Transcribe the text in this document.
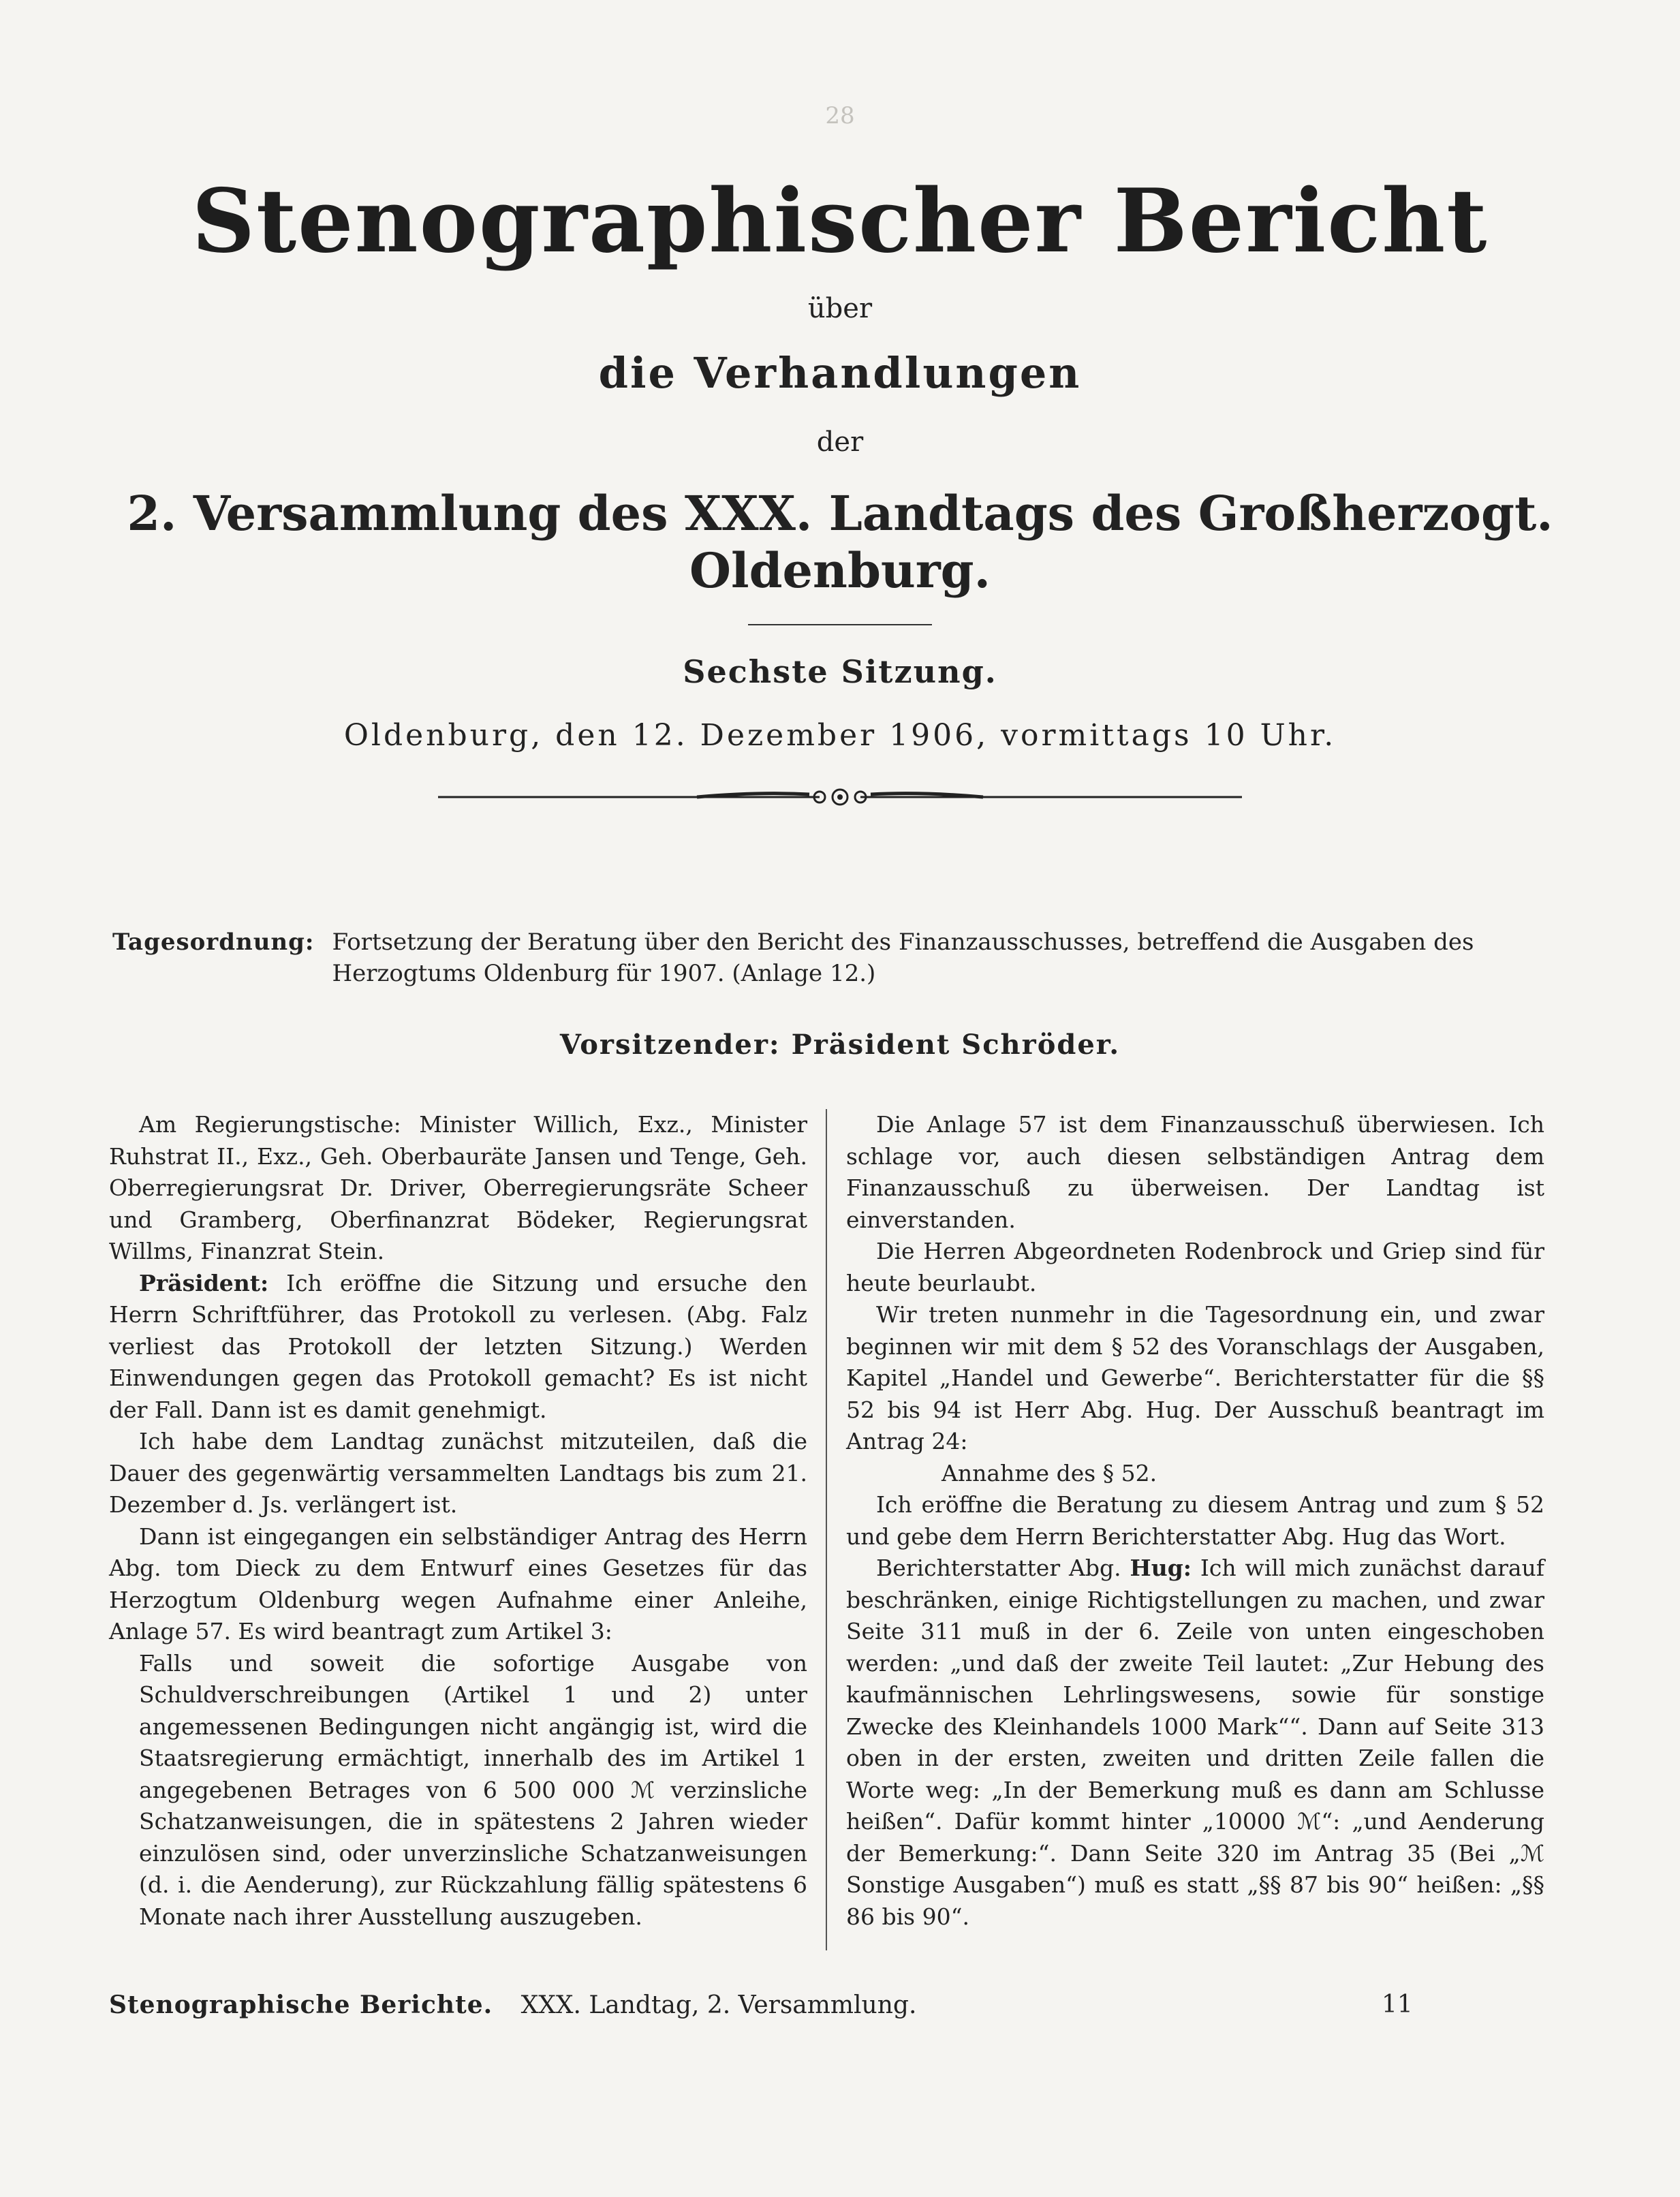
28
Stenographischer Bericht
über
die Verhandlungen
der
2. Versammlung des XXX. Landtags des Großherzogt. Oldenburg.
Sechste Sitzung.
Oldenburg, den 12. Dezember 1906, vormittags 10 Uhr.
Tagesordnung: Fortsetzung der Beratung über den Bericht des Finanzausschusses, betreffend die Ausgaben des Herzogtums Oldenburg für 1907. (Anlage 12.)
Vorsitzender: Präsident Schröder.

Am Regierungstische: Minister Willich, Exz., Minister Ruhstrat II., Exz., Geh. Oberbauräte Jansen und Tenge, Geh. Oberregierungsrat Dr. Driver, Oberregierungsräte Scheer und Gramberg, Oberfinanzrat Bödeker, Regierungsrat Willms, Finanzrat Stein.

Präsident: Ich eröffne die Sitzung und ersuche den Herrn Schriftführer, das Protokoll zu verlesen. (Abg. Falz verliest das Protokoll der letzten Sitzung.) Werden Einwendungen gegen das Protokoll gemacht? Es ist nicht der Fall. Dann ist es damit genehmigt.

Ich habe dem Landtag zunächst mitzuteilen, daß die Dauer des gegenwärtig versammelten Landtags bis zum 21. Dezember d. Js. verlängert ist.

Dann ist eingegangen ein selbständiger Antrag des Herrn Abg. tom Dieck zu dem Entwurf eines Gesetzes für das Herzogtum Oldenburg wegen Aufnahme einer Anleihe, Anlage 57. Es wird beantragt zum Artikel 3:

Falls und soweit die sofortige Ausgabe von Schuldverschreibungen (Artikel 1 und 2) unter angemessenen Bedingungen nicht angängig ist, wird die Staatsregierung ermächtigt, innerhalb des im Artikel 1 angegebenen Betrages von 6 500 000 ℳ verzinsliche Schatzanweisungen, die in spätestens 2 Jahren wieder einzulösen sind, oder unverzinsliche Schatzanweisungen (d. i. die Aenderung), zur Rückzahlung fällig spätestens 6 Monate nach ihrer Ausstellung auszugeben.

Die Anlage 57 ist dem Finanzausschuß überwiesen. Ich schlage vor, auch diesen selbständigen Antrag dem Finanzausschuß zu überweisen. Der Landtag ist einverstanden.

Die Herren Abgeordneten Rodenbrock und Griep sind für heute beurlaubt.

Wir treten nunmehr in die Tagesordnung ein, und zwar beginnen wir mit dem § 52 des Voranschlags der Ausgaben, Kapitel „Handel und Gewerbe“. Berichterstatter für die §§ 52 bis 94 ist Herr Abg. Hug. Der Ausschuß beantragt im Antrag 24:

Annahme des § 52.

Ich eröffne die Beratung zu diesem Antrag und zum § 52 und gebe dem Herrn Berichterstatter Abg. Hug das Wort.

Berichterstatter Abg. Hug: Ich will mich zunächst darauf beschränken, einige Richtigstellungen zu machen, und zwar Seite 311 muß in der 6. Zeile von unten eingeschoben werden: „und daß der zweite Teil lautet: „Zur Hebung des kaufmännischen Lehrlingswesens, sowie für sonstige Zwecke des Kleinhandels 1000 Mark““. Dann auf Seite 313 oben in der ersten, zweiten und dritten Zeile fallen die Worte weg: „In der Bemerkung muß es dann am Schlusse heißen“. Dafür kommt hinter „10000 ℳ“: „und Aenderung der Bemerkung:“. Dann Seite 320 im Antrag 35 (Bei „ℳ Sonstige Ausgaben“) muß es statt „§§ 87 bis 90“ heißen: „§§ 86 bis 90“.

Stenographische Berichte. XXX. Landtag, 2. Versammlung.	11
